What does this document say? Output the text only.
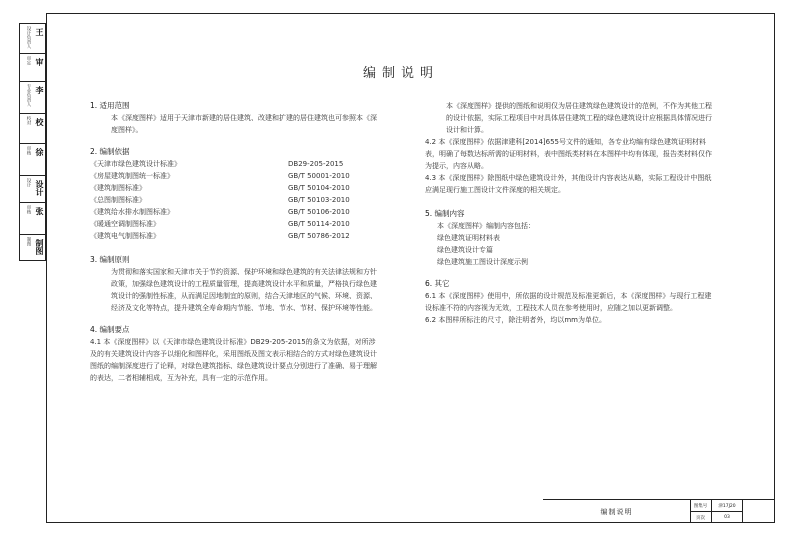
设计负责人 王
审定 审
专业负责人 李
校对 校
审核 徐
设计 设计
审核 张
制图 制图
编制说明
1. 适用范围

本《深度图样》适用于天津市新建的居住建筑、改建和扩建的居住建筑也可参照本《深度图样》。

2. 编制依据
《天津市绿色建筑设计标准》	DB29-205-2015
《房屋建筑制图统一标准》	GB/T 50001-2010
《建筑制图标准》	GB/T 50104-2010
《总图制图标准》	GB/T 50103-2010
《建筑给水排水制图标准》	GB/T 50106-2010
《暖通空调制图标准》	GB/T 50114-2010
《建筑电气制图标准》	GB/T 50786-2012
3. 编制原则

为贯彻和落实国家和天津市关于节约资源、保护环境和绿色建筑的有关法律法规和方针政策，加强绿色建筑设计的工程质量管理，提高建筑设计水平和质量，严格执行绿色建筑设计的强制性标准，从而满足因地制宜的原则，结合天津地区的气候、环境、资源、经济及文化等特点，提升建筑全寿命期内节能、节地、节水、节材、保护环境等性能。

4. 编制要点

4.1 本《深度图样》以《天津市绿色建筑设计标准》DB29-205-2015的条文为依据，对所涉及的有关建筑设计内容予以细化和图样化，采用图纸及图文表示相结合的方式对绿色建筑设计图纸的编制深度进行了论释，对绿色建筑指标、绿色建筑设计要点分别进行了准确、易于理解的表达，二者相辅相成，互为补充，具有一定的示范作用。

本《深度图样》提供的图纸和说明仅为居住建筑绿色建筑设计的范例，不作为其他工程的设计依据，实际工程项目中对具体居住建筑工程的绿色建筑设计应根据具体情况进行设计和计算。

4.2 本《深度图样》依据津建科[2014]655号文件的通知，各专业均编有绿色建筑证明材料表，明确了每数达标所需的证明材料，表中图纸类材料在本图样中均有体现，报告类材料仅作为提示，内容从略。

4.3 本《深度图样》除图纸中绿色建筑设计外，其他设计内容表达从略，实际工程设计中图纸应满足现行施工图设计文件深度的相关规定。

5. 编制内容

本《深度图样》编制内容包括：

绿色建筑证明材料表

绿色建筑设计专篇

绿色建筑施工图设计深度示例

6. 其它

6.1 本《深度图样》使用中，所依据的设计规范及标准更新后，本《深度图样》与现行工程建设标准不符的内容视为无效，工程技术人员在参考使用时，应随之加以更新调整。

6.2 本图样所标注的尺寸，除注明者外，均以mm为单位。

编制说明
图集号	津17J20
页次	03
